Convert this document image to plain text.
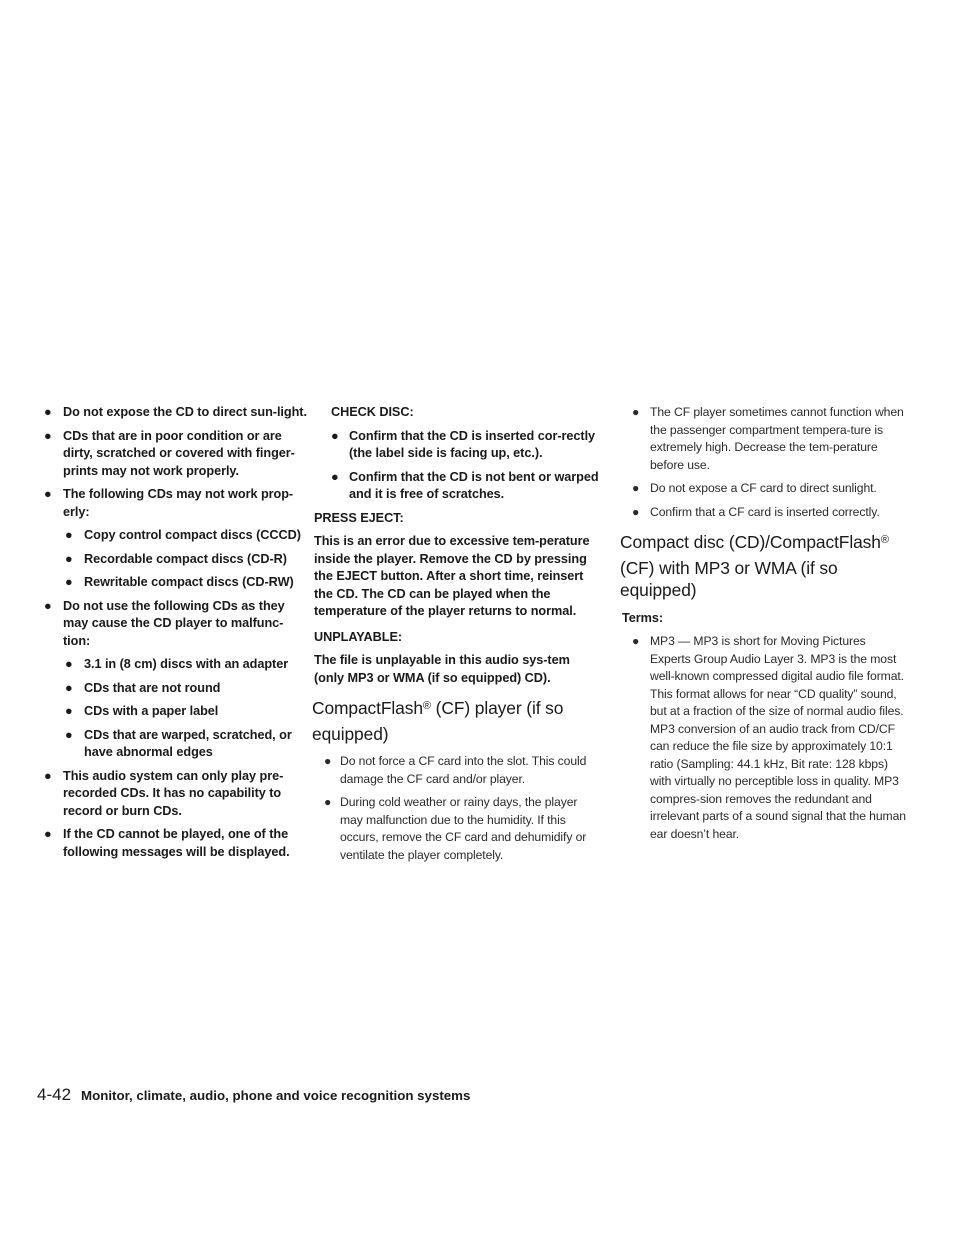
● Do not expose the CD to direct sun-light.
● CDs that are in poor condition or are dirty, scratched or covered with finger-prints may not work properly.
● The following CDs may not work prop-erly:
● Copy control compact discs (CCCD)
● Recordable compact discs (CD-R)
● Rewritable compact discs (CD-RW)
● Do not use the following CDs as they may cause the CD player to malfunc-tion:
● 3.1 in (8 cm) discs with an adapter
● CDs that are not round
● CDs with a paper label
● CDs that are warped, scratched, or have abnormal edges
● This audio system can only play pre-recorded CDs. It has no capability to record or burn CDs.
● If the CD cannot be played, one of the following messages will be displayed.
CHECK DISC:
● Confirm that the CD is inserted cor-rectly (the label side is facing up, etc.).
● Confirm that the CD is not bent or warped and it is free of scratches.
PRESS EJECT:
This is an error due to excessive tem-perature inside the player. Remove the CD by pressing the EJECT button. After a short time, reinsert the CD. The CD can be played when the temperature of the player returns to normal.
UNPLAYABLE:
The file is unplayable in this audio sys-tem (only MP3 or WMA (if so equipped) CD).
CompactFlash® (CF) player (if so equipped)
● Do not force a CF card into the slot. This could damage the CF card and/or player.
● During cold weather or rainy days, the player may malfunction due to the humidity. If this occurs, remove the CF card and dehumidify or ventilate the player completely.
● The CF player sometimes cannot function when the passenger compartment tempera-ture is extremely high. Decrease the tem-perature before use.
● Do not expose a CF card to direct sunlight.
● Confirm that a CF card is inserted correctly.
Compact disc (CD)/CompactFlash® (CF) with MP3 or WMA (if so equipped)
Terms:
● MP3 — MP3 is short for Moving Pictures Experts Group Audio Layer 3. MP3 is the most well-known compressed digital audio file format. This format allows for near “CD quality” sound, but at a fraction of the size of normal audio files. MP3 conversion of an audio track from CD/CF can reduce the file size by approximately 10:1 ratio (Sampling: 44.1 kHz, Bit rate: 128 kbps) with virtually no perceptible loss in quality. MP3 compres-sion removes the redundant and irrelevant parts of a sound signal that the human ear doesn’t hear.
4-42 Monitor, climate, audio, phone and voice recognition systems
